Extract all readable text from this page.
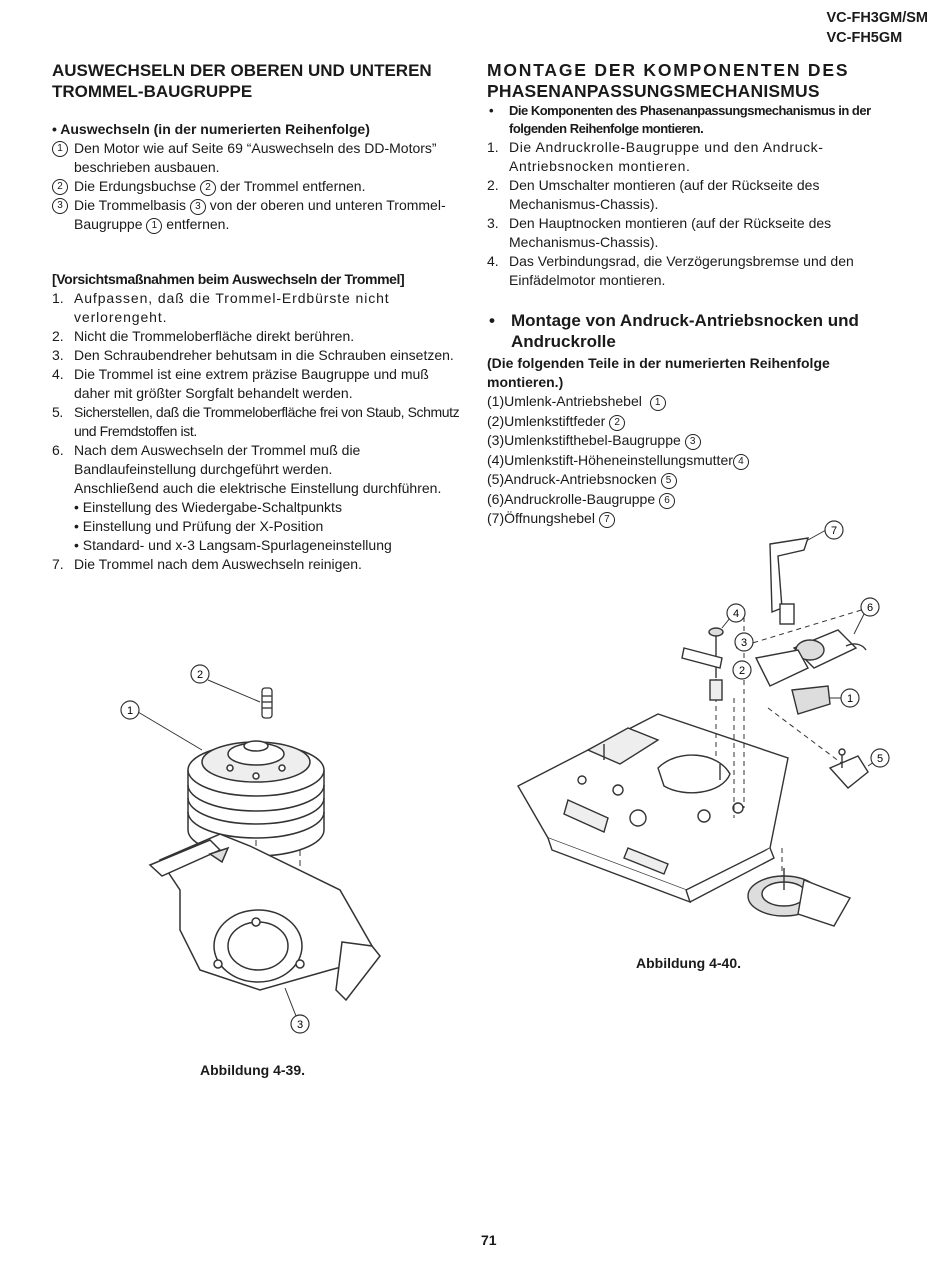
VC-FH3GM/SM
VC-FH5GM
AUSWECHSELN DER OBEREN UND UNTEREN
TROMMEL-BAUGRUPPE
• Auswechseln (in der numerierten Reihenfolge)
1 Den Motor wie auf Seite 69 “Auswechseln des DD-Motors” beschrieben ausbauen.
2 Die Erdungsbuchse 2 der Trommel entfernen.
3 Die Trommelbasis 3 von der oberen und unteren Trommel-Baugruppe 1 entfernen.
[Vorsichtsmaßnahmen beim Auswechseln der Trommel]
1. Aufpassen, daß die Trommel-Erdbürste nicht verlorengeht.
2. Nicht die Trommeloberfläche direkt berühren.
3. Den Schraubendreher behutsam in die Schrauben einsetzen.
4. Die Trommel ist eine extrem präzise Baugruppe und muß daher mit größter Sorgfalt behandelt werden.
5. Sicherstellen, daß die Trommeloberfläche frei von Staub, Schmutz und Fremdstoffen ist.
6. Nach dem Auswechseln der Trommel muß die Bandlaufeinstellung durchgeführt werden.
Anschließend auch die elektrische Einstellung durchführen.
• Einstellung des Wiedergabe-Schaltpunkts
• Einstellung und Prüfung der X-Position
• Standard- und x-3 Langsam-Spurlageneinstellung
7. Die Trommel nach dem Auswechseln reinigen.
2
1
3
Abbildung 4-39.
MONTAGE DER KOMPONENTEN DES
PHASENANPASSUNGSMECHANISMUS
• Die Komponenten des Phasenanpassungsmechanismus in der folgenden Reihenfolge montieren.
1. Die Andruckrolle-Baugruppe und den Andruck-Antriebsnocken montieren.
2. Den Umschalter montieren (auf der Rückseite des Mechanismus-Chassis).
3. Den Hauptnocken montieren (auf der Rückseite des Mechanismus-Chassis).
4. Das Verbindungsrad, die Verzögerungsbremse und den Einfädelmotor montieren.
• Montage von Andruck-Antriebsnocken und
Andruckrolle
(Die folgenden Teile in der numerierten Reihenfolge montieren.)
(1)Umlenk-Antriebshebel 1
(2)Umlenkstiftfeder 2
(3)Umlenkstifthebel-Baugruppe 3
(4)Umlenkstift-Höheneinstellungsmutter 4
(5)Andruck-Antriebsnocken 5
(6)Andruckrolle-Baugruppe 6
(7)Öffnungshebel 7
7
6
4
3
2
1
5
Abbildung 4-40.
71
